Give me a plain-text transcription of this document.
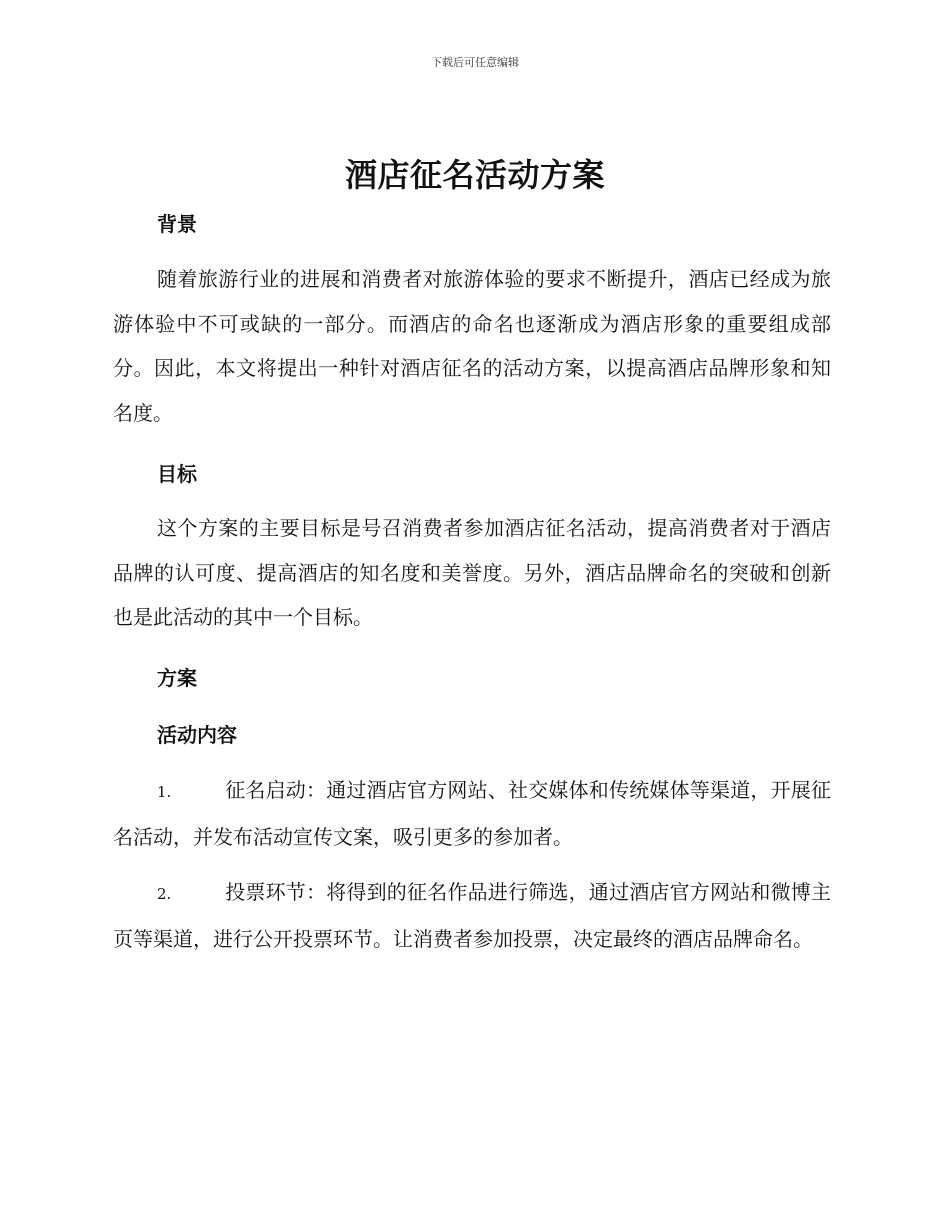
下载后可任意编辑
酒店征名活动方案
背景
随着旅游行业的进展和消费者对旅游体验的要求不断提升，酒店已经成为旅游体验中不可或缺的一部分。而酒店的命名也逐渐成为酒店形象的重要组成部分。因此，本文将提出一种针对酒店征名的活动方案，以提高酒店品牌形象和知名度。
目标
这个方案的主要目标是号召消费者参加酒店征名活动，提高消费者对于酒店品牌的认可度、提高酒店的知名度和美誉度。另外，酒店品牌命名的突破和创新也是此活动的其中一个目标。
方案
活动内容
1.	征名启动：通过酒店官方网站、社交媒体和传统媒体等渠道，开展征名活动，并发布活动宣传文案，吸引更多的参加者。
2.	投票环节：将得到的征名作品进行筛选，通过酒店官方网站和微博主页等渠道，进行公开投票环节。让消费者参加投票，决定最终的酒店品牌命名。
